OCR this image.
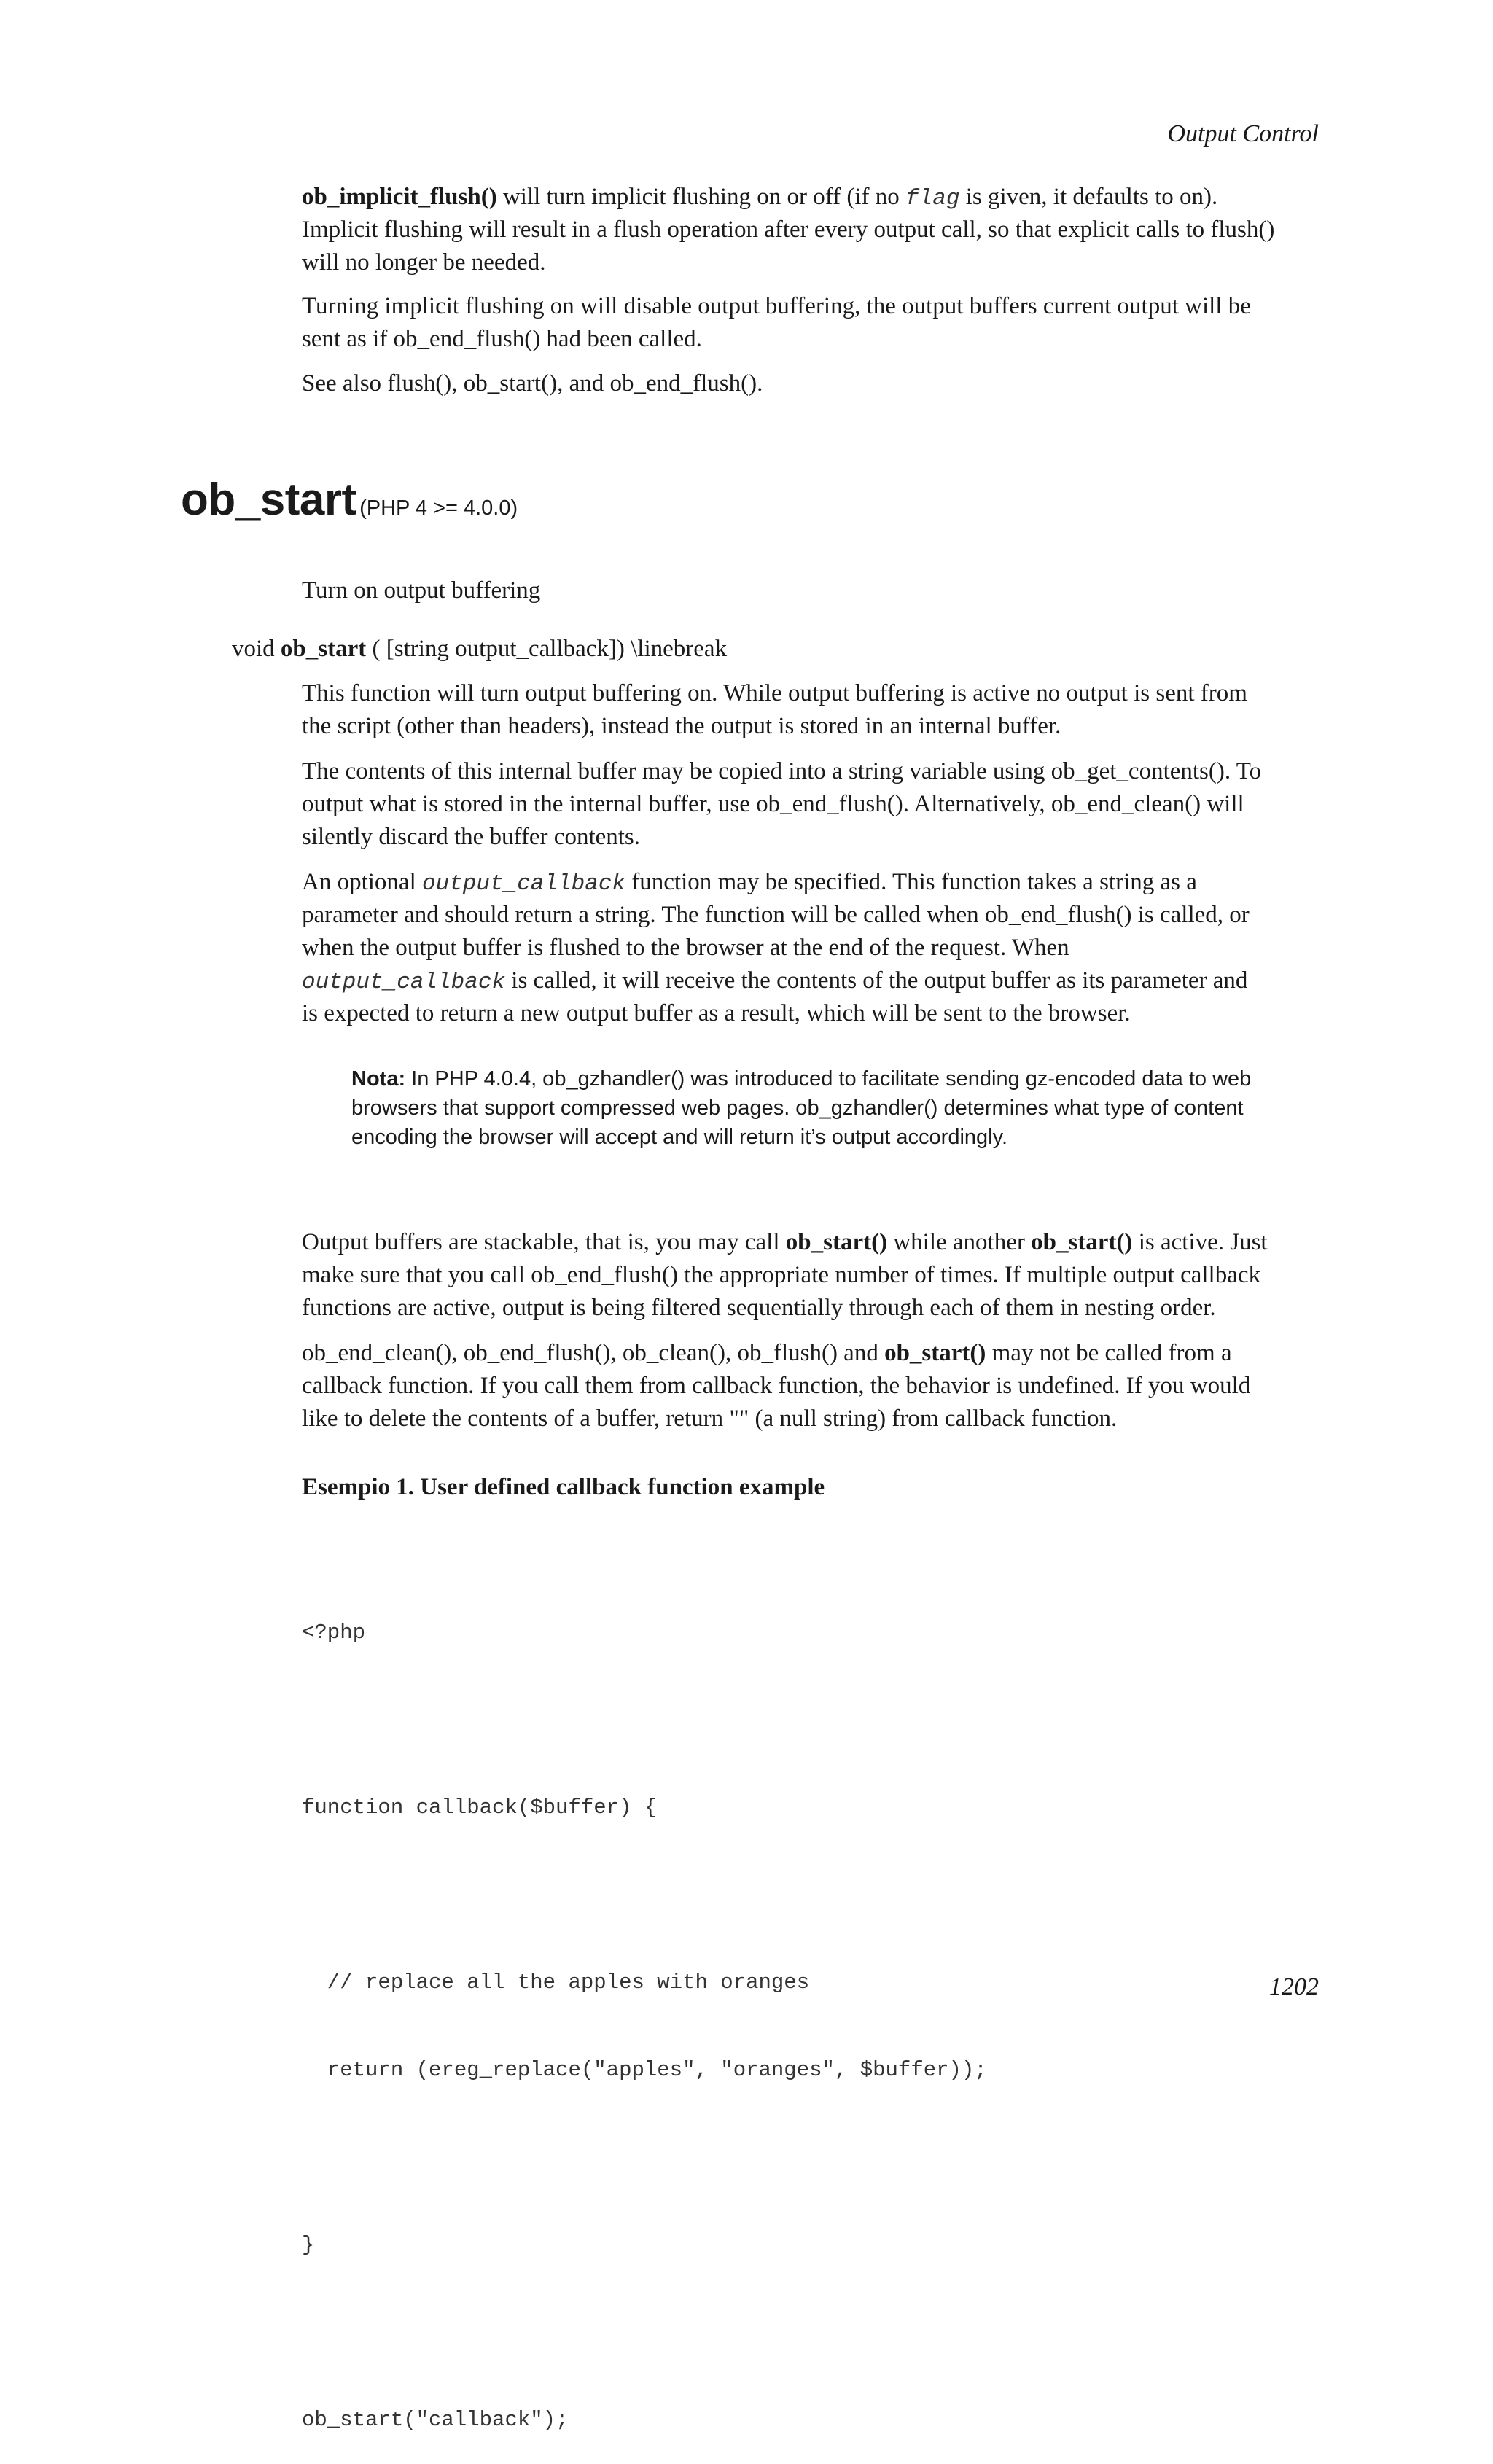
Output Control
ob_implicit_flush() will turn implicit flushing on or off (if no flag is given, it defaults to on).
Implicit flushing will result in a flush operation after every output call, so that explicit calls to flush()
will no longer be needed.
Turning implicit flushing on will disable output buffering, the output buffers current output will be
sent as if ob_end_flush() had been called.
See also flush(), ob_start(), and ob_end_flush().
ob_start (PHP 4 >= 4.0.0)
Turn on output buffering
void ob_start ( [string output_callback]) \linebreak
This function will turn output buffering on. While output buffering is active no output is sent from
the script (other than headers), instead the output is stored in an internal buffer.
The contents of this internal buffer may be copied into a string variable using ob_get_contents(). To
output what is stored in the internal buffer, use ob_end_flush(). Alternatively, ob_end_clean() will
silently discard the buffer contents.
An optional output_callback function may be specified. This function takes a string as a
parameter and should return a string. The function will be called when ob_end_flush() is called, or
when the output buffer is flushed to the browser at the end of the request. When
output_callback is called, it will receive the contents of the output buffer as its parameter and
is expected to return a new output buffer as a result, which will be sent to the browser.
Nota: In PHP 4.0.4, ob_gzhandler() was introduced to facilitate sending gz-encoded data to web
browsers that support compressed web pages. ob_gzhandler() determines what type of content
encoding the browser will accept and will return it’s output accordingly.
Output buffers are stackable, that is, you may call ob_start() while another ob_start() is active. Just
make sure that you call ob_end_flush() the appropriate number of times. If multiple output callback
functions are active, output is being filtered sequentially through each of them in nesting order.
ob_end_clean(), ob_end_flush(), ob_clean(), ob_flush() and ob_start() may not be called from a
callback function. If you call them from callback function, the behavior is undefined. If you would
like to delete the contents of a buffer, return "" (a null string) from callback function.
Esempio 1. User defined callback function example

<?php

function callback($buffer) {

// replace all the apples with oranges

return (ereg_replace("apples", "oranges", $buffer));

}

ob_start("callback");

1202
